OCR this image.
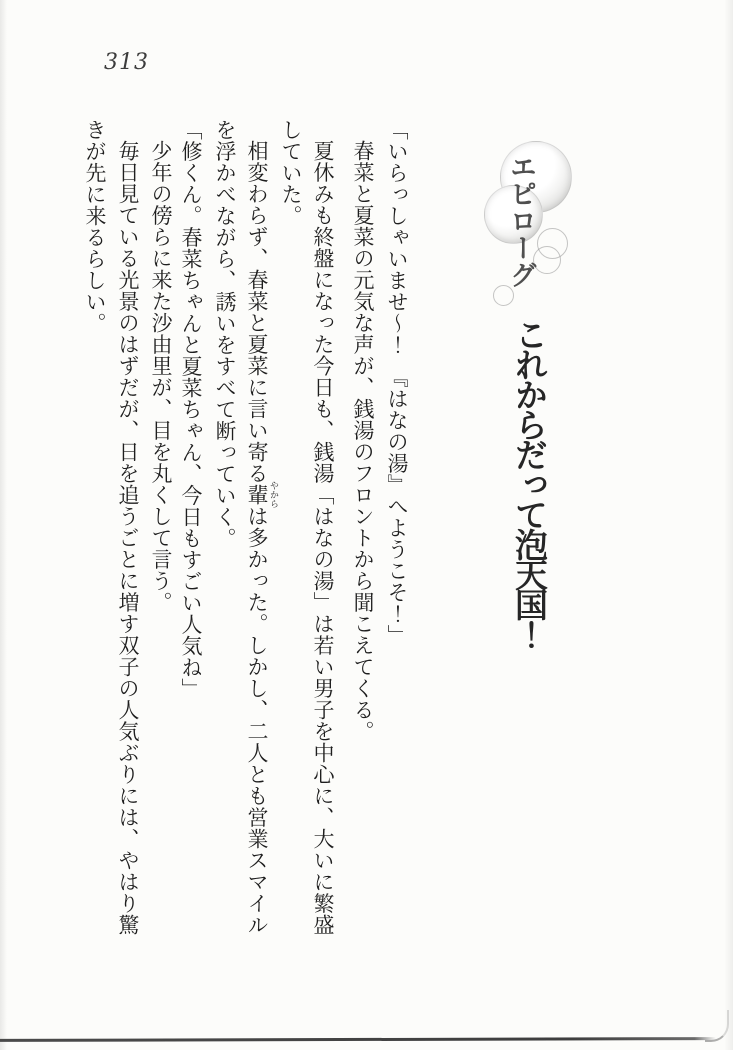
313
エピローグ
これからだって泡天国！
「いらっしゃいませ〜！　『はなの湯』へようこそ！」
春菜と夏菜の元気な声が、銭湯のフロントから聞こえてくる。
夏休みも終盤になった今日も、銭湯「はなの湯」は若い男子を中心に、大いに繁盛
していた。
相変わらず、春菜と夏菜に言い寄る輩 やからは多かった。しかし、二人とも営業スマイル
を浮かべながら、誘いをすべて断っていく。
「修くん。春菜ちゃんと夏菜ちゃん、今日もすごい人気ね」
少年の傍らに来た沙由里が、目を丸くして言う。
毎日見ている光景のはずだが、日を追うごとに増す双子の人気ぶりには、やはり驚
きが先に来るらしい。
